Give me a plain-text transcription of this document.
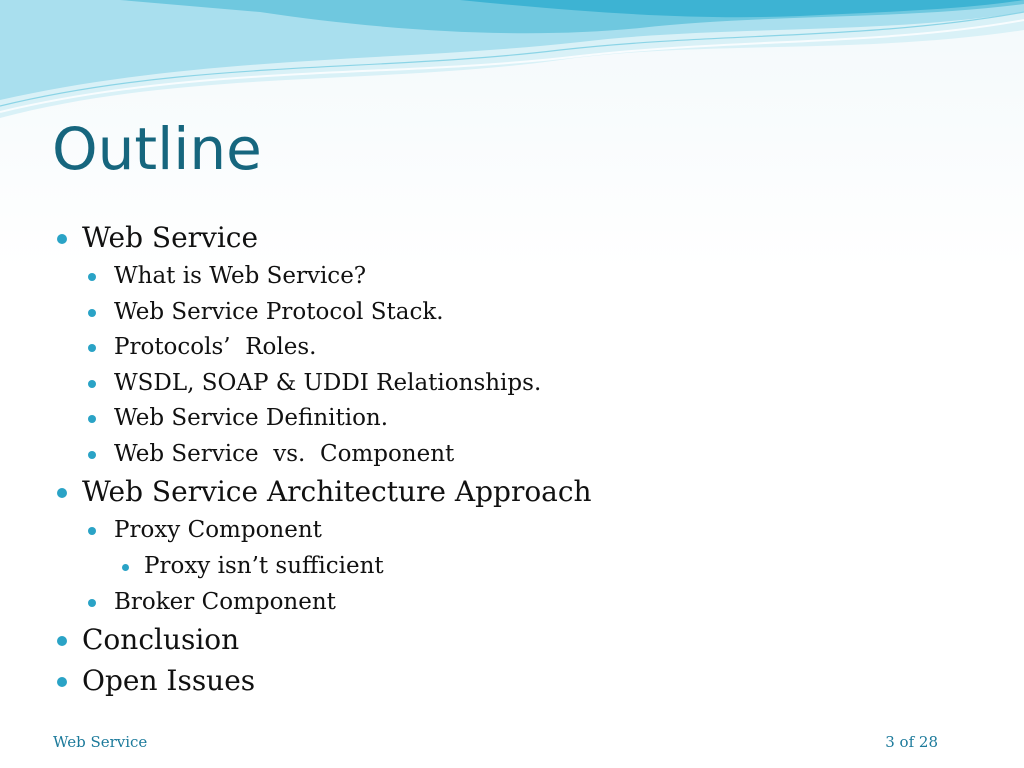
Outline
Web Service
What is Web Service?
Web Service Protocol Stack.
Protocols’  Roles.
WSDL, SOAP & UDDI Relationships.
Web Service Definition.
Web Service  vs.  Component
Web Service Architecture Approach
Proxy Component
Proxy isn’t sufficient
Broker Component
Conclusion
Open Issues
Web Service	3 of 28
